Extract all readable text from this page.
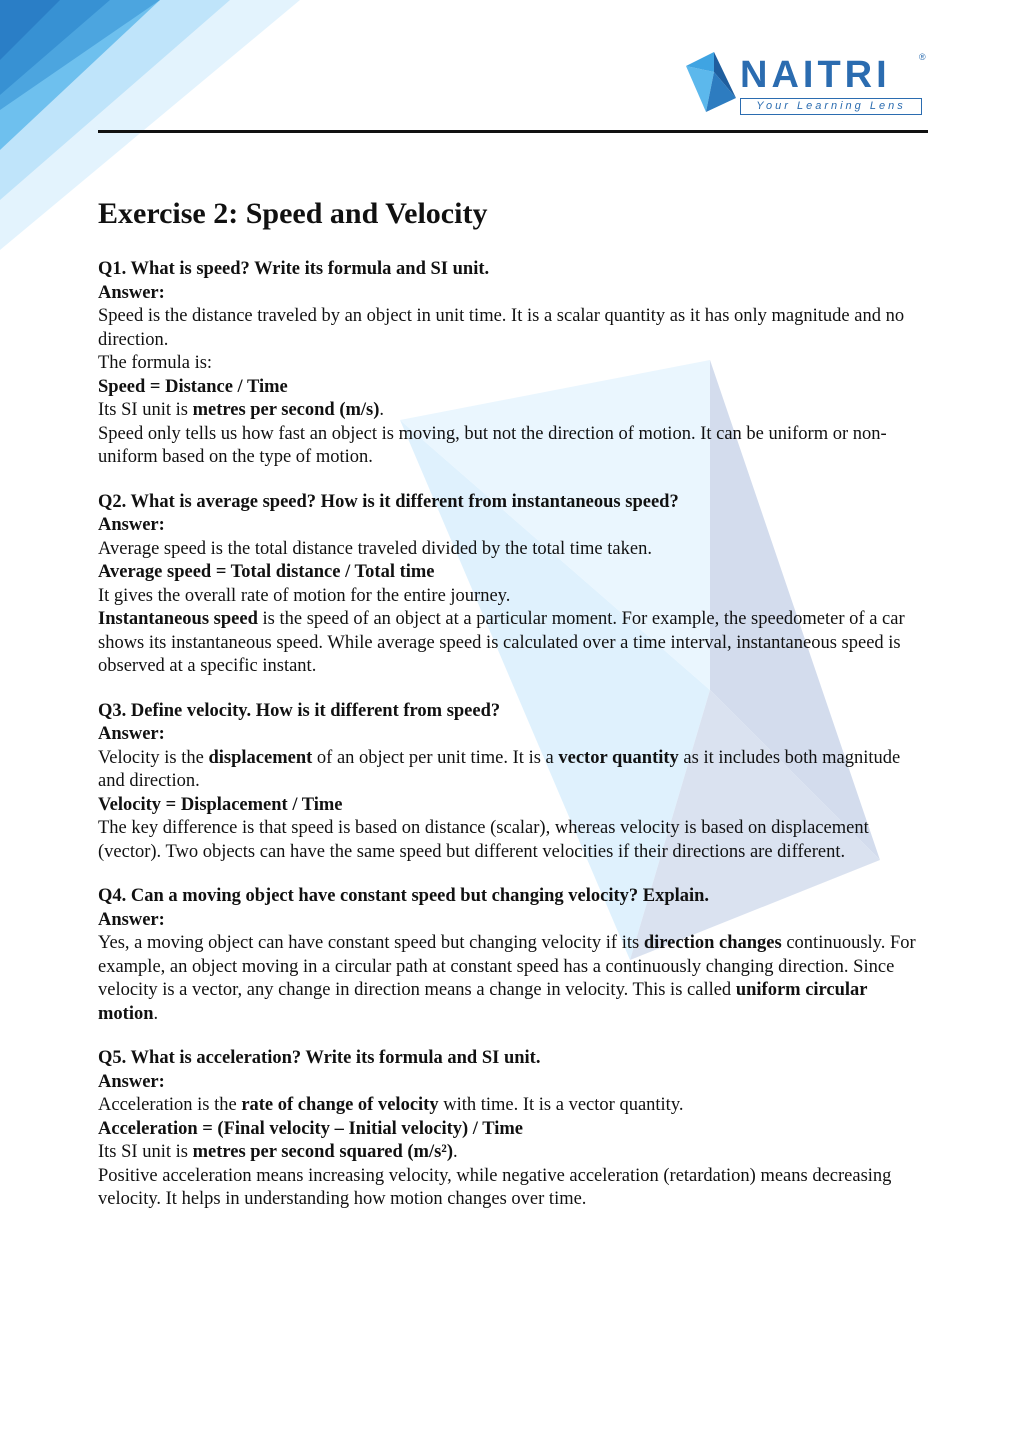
NAITRI	®
Your Learning Lens
Exercise 2: Speed and Velocity

Q1. What is speed? Write its formula and SI unit.

Answer:

Speed is the distance traveled by an object in unit time. It is a scalar quantity as it has only magnitude and no direction.

The formula is:

Speed = Distance / Time

Its SI unit is metres per second (m/s).

Speed only tells us how fast an object is moving, but not the direction of motion. It can be uniform or non-uniform based on the type of motion.

Q2. What is average speed? How is it different from instantaneous speed?

Answer:

Average speed is the total distance traveled divided by the total time taken.

Average speed = Total distance / Total time

It gives the overall rate of motion for the entire journey.

Instantaneous speed is the speed of an object at a particular moment. For example, the speedometer of a car shows its instantaneous speed. While average speed is calculated over a time interval, instantaneous speed is observed at a specific instant.

Q3. Define velocity. How is it different from speed?

Answer:

Velocity is the displacement of an object per unit time. It is a vector quantity as it includes both magnitude and direction.

Velocity = Displacement / Time

The key difference is that speed is based on distance (scalar), whereas velocity is based on displacement (vector). Two objects can have the same speed but different velocities if their directions are different.

Q4. Can a moving object have constant speed but changing velocity? Explain.

Answer:

Yes, a moving object can have constant speed but changing velocity if its direction changes continuously. For example, an object moving in a circular path at constant speed has a continuously changing direction. Since velocity is a vector, any change in direction means a change in velocity. This is called uniform circular motion.

Q5. What is acceleration? Write its formula and SI unit.

Answer:

Acceleration is the rate of change of velocity with time. It is a vector quantity.

Acceleration = (Final velocity – Initial velocity) / Time

Its SI unit is metres per second squared (m/s²).

Positive acceleration means increasing velocity, while negative acceleration (retardation) means decreasing velocity. It helps in understanding how motion changes over time.
